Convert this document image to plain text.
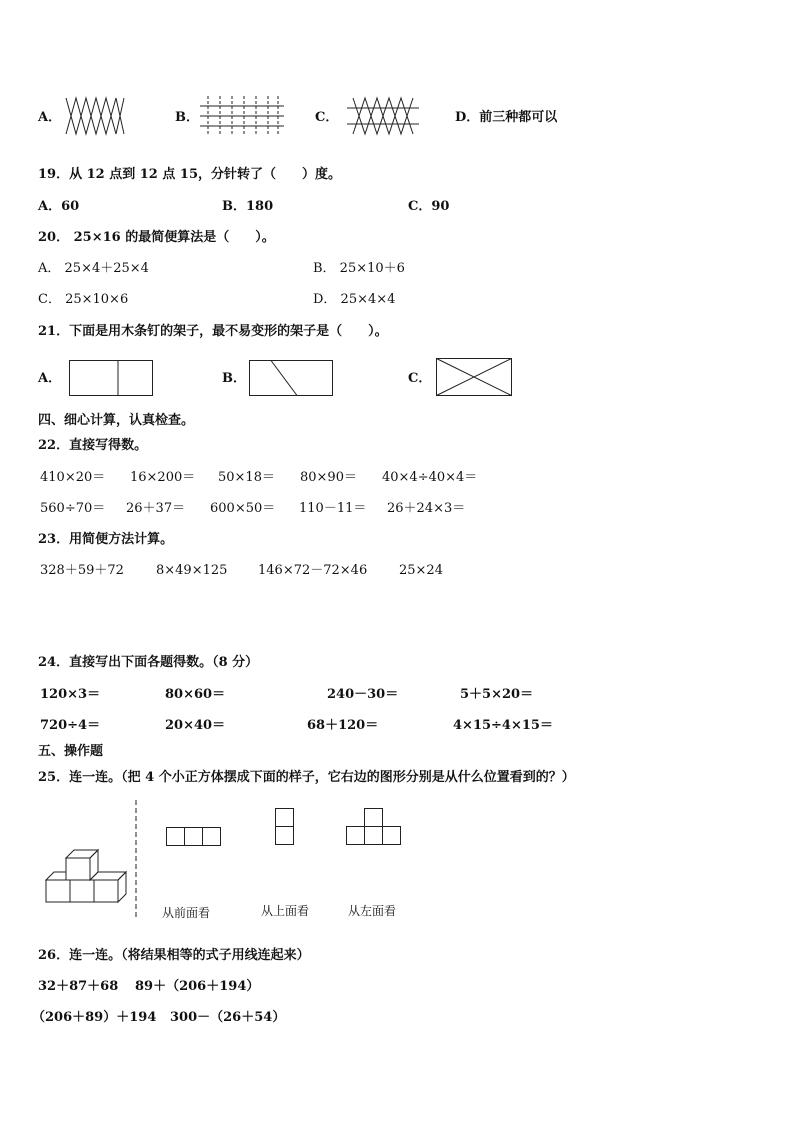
A．	B．	C．	D．前三种都可以
19．从 12 点到 12 点 15，分针转了（　　）度。
A．60	B．180	C．90
20． 25×16 的最简便算法是（　　）。
A． 25×4＋25×4	B． 25×10＋6
C． 25×10×6	D． 25×4×4
21．下面是用木条钉的架子，最不易变形的架子是（　　）。
A．	B．	C．
四、细心计算，认真检查。
22．直接写得数。
410×20＝ 16×200＝ 50×18＝ 80×90＝ 40×4÷40×4＝
560÷70＝ 26＋37＝ 600×50＝ 110－11＝ 26＋24×3＝
23．用简便方法计算。
328＋59＋72 8×49×125 146×72－72×46 25×24
24．直接写出下面各题得数。（8 分）
120×3＝	80×60＝	240－30＝	5＋5×20＝
720÷4＝	20×40＝	68＋120＝	4×15÷4×15＝
五、操作题
25．连一连。（把 4 个小正方体摆成下面的样子，它右边的图形分别是从什么位置看到的？）
从前面看	从上面看	从左面看
26．连一连。（将结果相等的式子用线连起来）
32＋87＋68 89＋（206＋194）
（206＋89）＋194 300－（26＋54）
